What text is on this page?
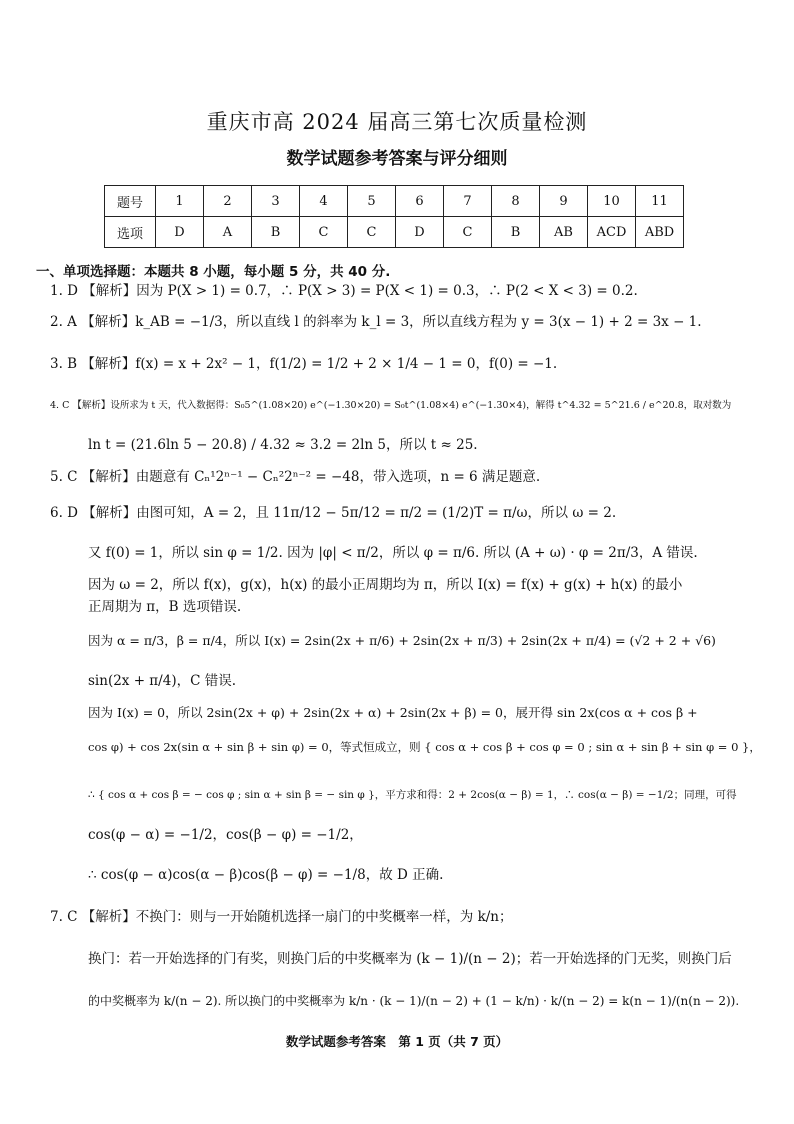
重庆市高 2024 届高三第七次质量检测
数学试题参考答案与评分细则
题号	1	2	3	4	5	6	7	8	9	10	11
选项	D	A	B	C	C	D	C	B	AB	ACD	ABD
一、单项选择题：本题共 8 小题，每小题 5 分，共 40 分.
1. D 【解析】因为 P(X > 1) = 0.7，∴ P(X > 3) = P(X < 1) = 0.3，∴ P(2 < X < 3) = 0.2.
2. A 【解析】k_AB = −1/3，所以直线 l 的斜率为 k_l = 3，所以直线方程为 y = 3(x − 1) + 2 = 3x − 1.
3. B 【解析】f(x) = x + 2x² − 1，f(1/2) = 1/2 + 2 × 1/4 − 1 = 0，f(0) = −1.
4. C 【解析】设所求为 t 天，代入数据得：S₀5^(1.08×20) e^(−1.30×20) = S₀t^(1.08×4) e^(−1.30×4)，解得 t^4.32 = 5^21.6 / e^20.8，取对数为
ln t = (21.6ln 5 − 20.8) / 4.32 ≈ 3.2 = 2ln 5，所以 t ≈ 25.
5. C 【解析】由题意有 Cₙ¹2ⁿ⁻¹ − Cₙ²2ⁿ⁻² = −48，带入选项，n = 6 满足题意.
6. D 【解析】由图可知，A = 2，且 11π/12 − 5π/12 = π/2 = (1/2)T = π/ω，所以 ω = 2.
又 f(0) = 1，所以 sin φ = 1/2. 因为 |φ| < π/2，所以 φ = π/6. 所以 (A + ω) · φ = 2π/3，A 错误.
因为 ω = 2，所以 f(x)，g(x)，h(x) 的最小正周期均为 π，所以 I(x) = f(x) + g(x) + h(x) 的最小
正周期为 π，B 选项错误.
因为 α = π/3，β = π/4，所以 I(x) = 2sin(2x + π/6) + 2sin(2x + π/3) + 2sin(2x + π/4) = (√2 + 2 + √6)
sin(2x + π/4)，C 错误.
因为 I(x) = 0，所以 2sin(2x + φ) + 2sin(2x + α) + 2sin(2x + β) = 0，展开得 sin 2x(cos α + cos β +
cos φ) + cos 2x(sin α + sin β + sin φ) = 0，等式恒成立，则 { cos α + cos β + cos φ = 0 ; sin α + sin β + sin φ = 0 }，
∴ { cos α + cos β = − cos φ ; sin α + sin β = − sin φ }，平方求和得：2 + 2cos(α − β) = 1，∴ cos(α − β) = −1/2；同理，可得
cos(φ − α) = −1/2，cos(β − φ) = −1/2，
∴ cos(φ − α)cos(α − β)cos(β − φ) = −1/8，故 D 正确.
7. C 【解析】不换门：则与一开始随机选择一扇门的中奖概率一样，为 k/n；
换门：若一开始选择的门有奖，则换门后的中奖概率为 (k − 1)/(n − 2)；若一开始选择的门无奖，则换门后
的中奖概率为 k/(n − 2). 所以换门的中奖概率为 k/n · (k − 1)/(n − 2) + (1 − k/n) · k/(n − 2) = k(n − 1)/(n(n − 2)).
数学试题参考答案　第 1 页（共 7 页）
